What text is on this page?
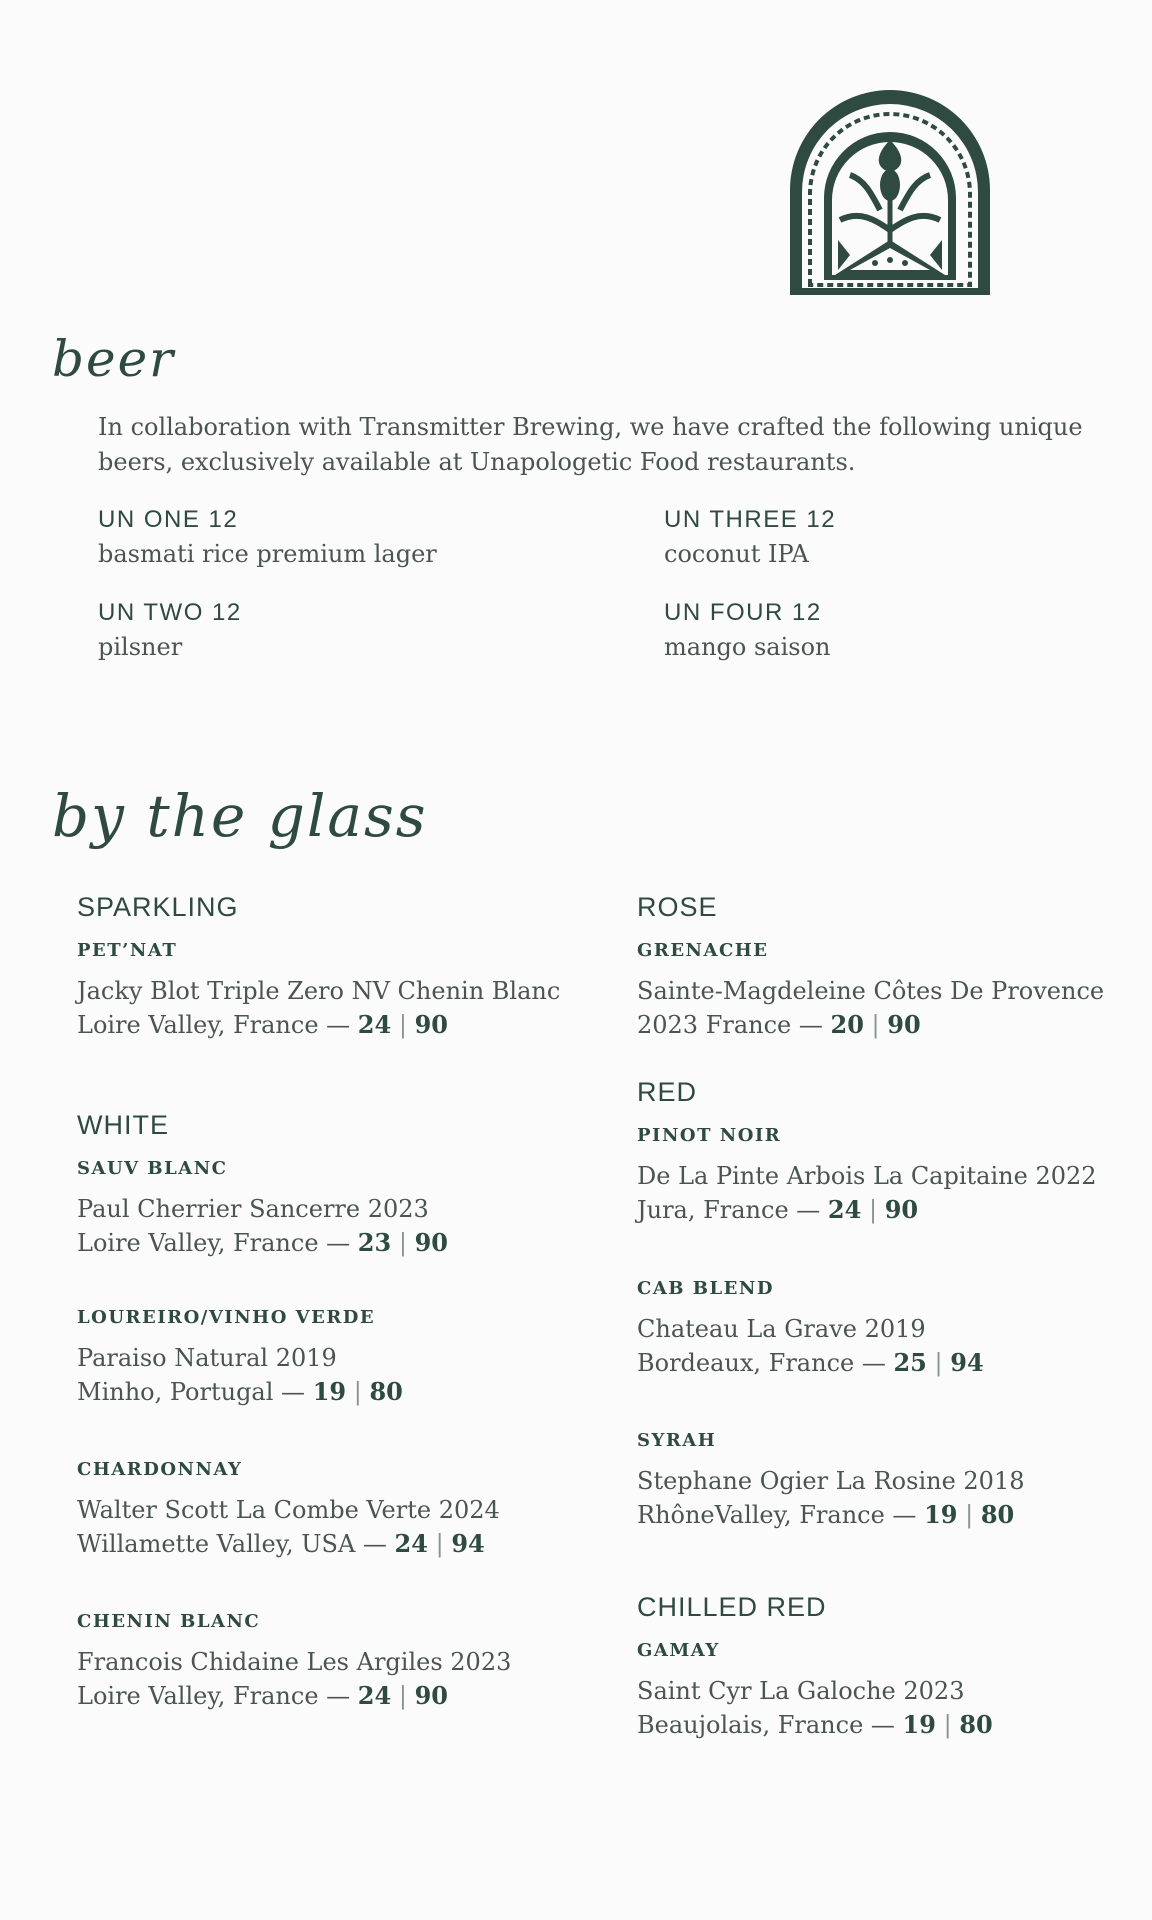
beer
In collaboration with Transmitter Brewing, we have crafted the following unique beers, exclusively available at Unapologetic Food restaurants.
UN ONE 12
basmati rice premium lager
UN TWO 12
pilsner
UN THREE 12
coconut IPA
UN FOUR 12
mango saison
by the glass
SPARKLING
PET’NAT
Jacky Blot Triple Zero NV Chenin Blanc
Loire Valley, France — 24 | 90
WHITE
SAUV BLANC
Paul Cherrier Sancerre 2023
Loire Valley, France — 23 | 90
LOUREIRO/VINHO VERDE
Paraiso Natural 2019
Minho, Portugal — 19 | 80
CHARDONNAY
Walter Scott La Combe Verte 2024
Willamette Valley, USA — 24 | 94
CHENIN BLANC
Francois Chidaine Les Argiles 2023
Loire Valley, France — 24 | 90
ROSE
GRENACHE
Sainte-Magdeleine Côtes De Provence
2023 France — 20 | 90
RED
PINOT NOIR
De La Pinte Arbois La Capitaine 2022
Jura, France — 24 | 90
CAB BLEND
Chateau La Grave 2019
Bordeaux, France — 25 | 94
SYRAH
Stephane Ogier La Rosine 2018
RhôneValley, France — 19 | 80
CHILLED RED
GAMAY
Saint Cyr La Galoche 2023
Beaujolais, France — 19 | 80
